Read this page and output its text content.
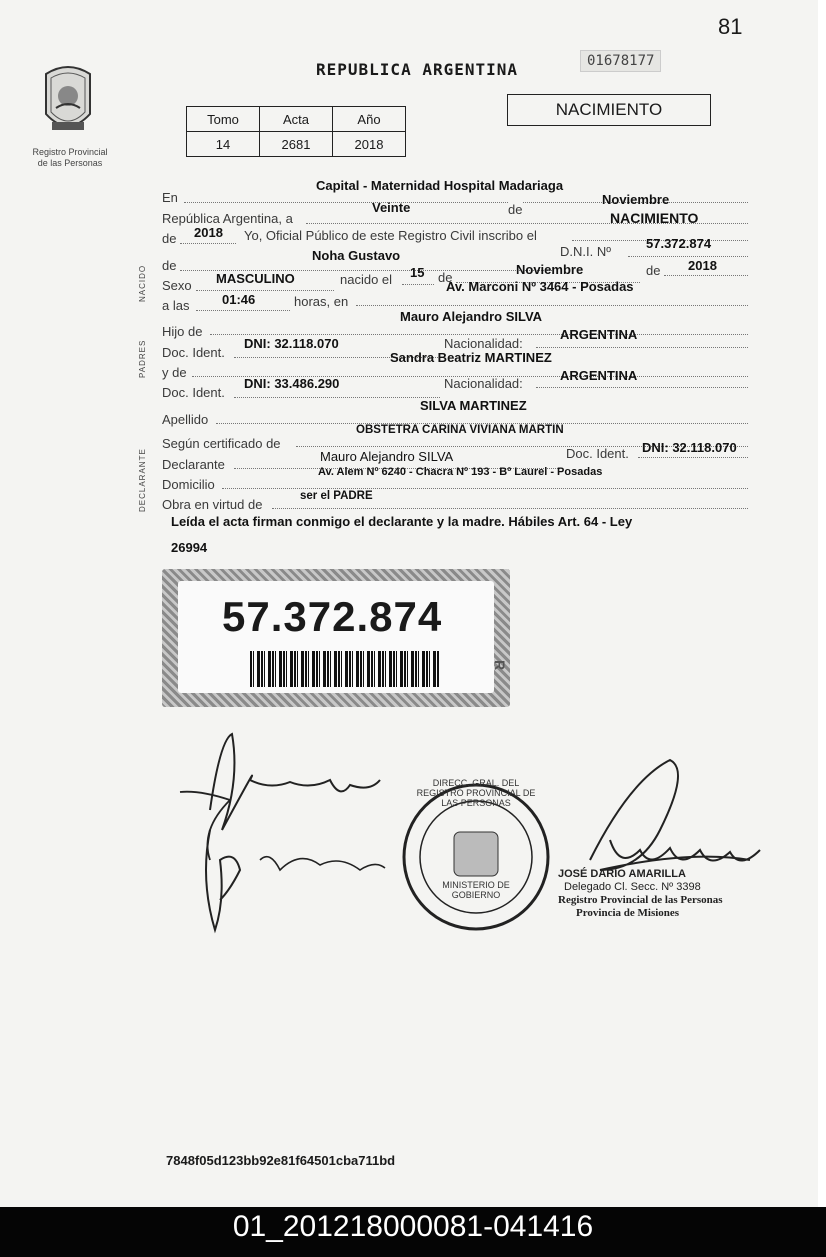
81
Registro Provincial
de las Personas
REPUBLICA ARGENTINA	01678177
Tomo	Acta	Año
14	2681	2018
NACIMIENTO
NACIDO
PADRES
DECLARANTE
En
Capital - Maternidad Hospital Madariaga
República Argentina, a
Veinte	de
Noviembre
de 2018 Yo, Oficial Público de este Registro Civil inscribo el
NACIMIENTO
de
Noha Gustavo	D.N.I. Nº
57.372.874
Sexo MASCULINO	nacido el 15 de
Noviembre	de 2018
a las	01:46	horas, en
Av. Marconi Nº 3464 - Posadas
Hijo de
Mauro Alejandro SILVA
Doc. Ident.
DNI: 32.118.070	Nacionalidad:
ARGENTINA
y de
Sandra Beatriz MARTINEZ
Doc. Ident.
DNI: 33.486.290	Nacionalidad:
ARGENTINA
Apellido
SILVA MARTINEZ
Según certificado de
OBSTETRA CARINA VIVIANA MARTIN
Declarante
Mauro Alejandro SILVA	Doc. Ident. DNI: 32.118.070
Domicilio
Av. Alem Nº 6240 - Chacra Nº 193 - Bº Laurel - Posadas
Obra en virtud de
ser el PADRE
Leída el acta firman conmigo el declarante y la madre. Hábiles Art. 64 - Ley
26994
57.372.874
R
DIRECC. GRAL. DEL REGISTRO PROVINCIAL DE LAS PERSONAS
MINISTERIO DE GOBIERNO
JOSÉ DARÍO AMARILLA
Delegado Cl. Secc. Nº 3398
Registro Provincial de las Personas
Provincia de Misiones
7848f05d123bb92e81f64501cba711bd
01_201218000081-041416
